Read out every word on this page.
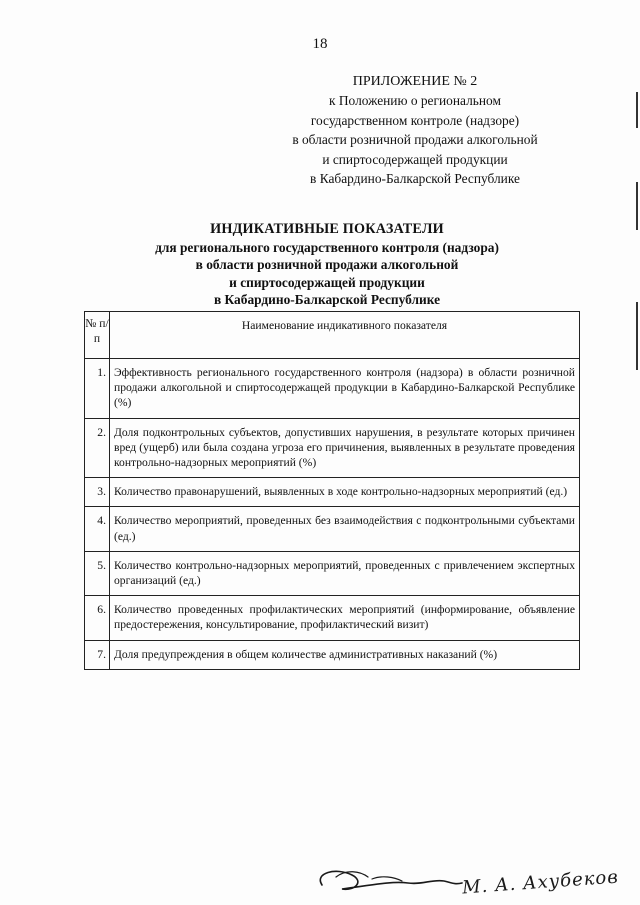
18
ПРИЛОЖЕНИЕ № 2
к Положению о региональном
государственном контроле (надзоре)
в области розничной продажи алкогольной
и спиртосодержащей продукции
в Кабардино-Балкарской Республике
ИНДИКАТИВНЫЕ ПОКАЗАТЕЛИ
для регионального государственного контроля (надзора)
в области розничной продажи алкогольной
и спиртосодержащей продукции
в Кабардино-Балкарской Республике
№ п/п	Наименование индикативного показателя
1.	Эффективность регионального государственного контроля (надзора) в области розничной продажи алкогольной и спиртосодержащей продукции в Кабардино-Балкарской Республике (%)
2.	Доля подконтрольных субъектов, допустивших нарушения, в результате которых причинен вред (ущерб) или была создана угроза его причинения, выявленных в результате проведения контрольно-надзорных мероприятий (%)
3.	Количество правонарушений, выявленных в ходе контрольно-надзорных мероприятий (ед.)
4.	Количество мероприятий, проведенных без взаимодействия с подконтрольными субъектами (ед.)
5.	Количество контрольно-надзорных мероприятий, проведенных с привлечением экспертных организаций (ед.)
6.	Количество проведенных профилактических мероприятий (информирование, объявление предостережения, консультирование, профилактический визит)
7.	Доля предупреждения в общем количестве административных наказаний (%)
М. А. Ахубеков
